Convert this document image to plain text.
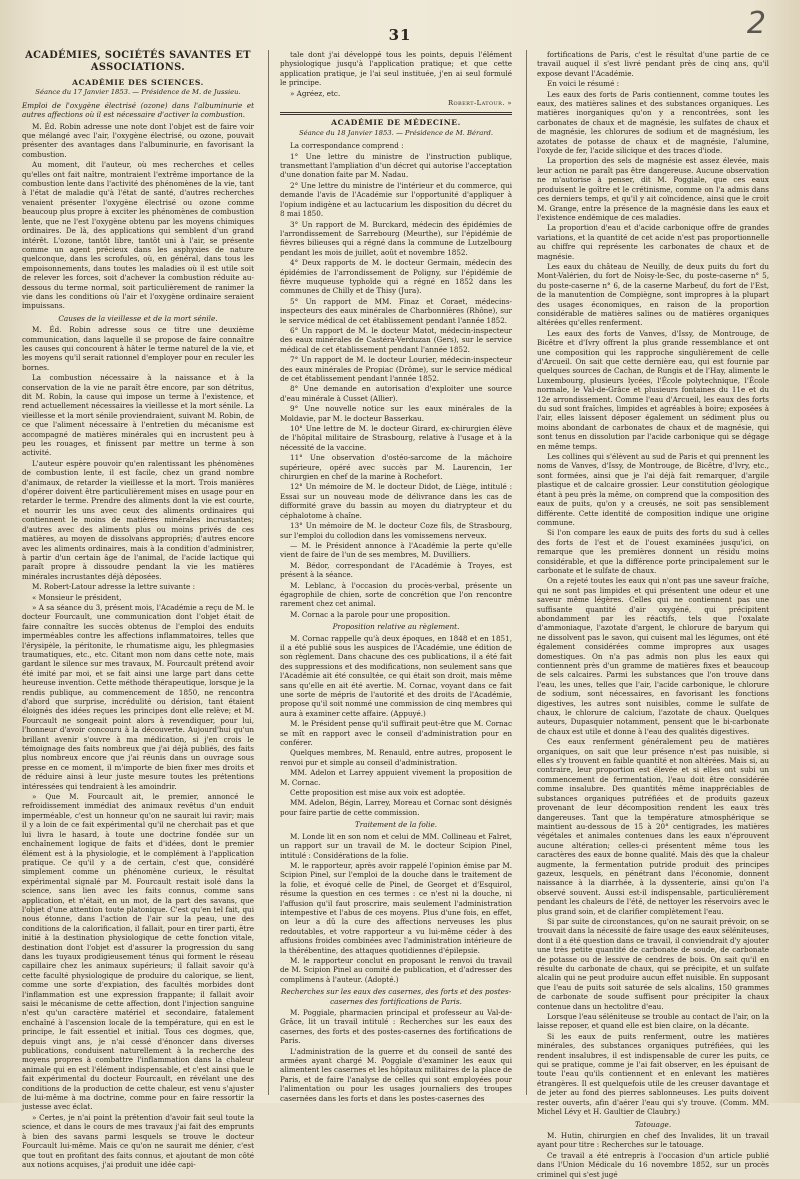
31	2
ACADÉMIES, SOCIÉTÉS SAVANTES ET ASSOCIATIONS.
ACADÉMIE DES SCIENCES.
Séance du 17 Janvier 1853. — Présidence de M. de Jussieu.
Emploi de l'oxygène électrisé (ozone) dans l'albuminurie et autres affections où il est nécessaire d'activer la combustion.

M. Éd. Robin adresse une note dont l'objet est de faire voir que mélangé avec l'air, l'oxygène électrisé, ou ozone, pouvait présenter des avantages dans l'albuminurie, en favorisant la combustion.

Au moment, dit l'auteur, où mes recherches et celles qu'elles ont fait naître, montraient l'extrême importance de la combustion lente dans l'activité des phénomènes de la vie, tant à l'état de maladie qu'à l'état de santé, d'autres recherches venaient présenter l'oxygène électrisé ou ozone comme beaucoup plus propre à exciter les phénomènes de combustion lente, que ne l'est l'oxygène obtenu par les moyens chimiques ordinaires. De là, des applications qui semblent d'un grand intérêt. L'ozone, tantôt libre, tantôt uni à l'air, se présente comme un agent précieux dans les asphyxies de nature quelconque, dans les scrofules, où, en général, dans tous les empoisonnements, dans toutes les maladies où il est utile soit de relever les forces, soit d'achever la combustion réduite au-dessous du terme normal, soit particulièrement de ranimer la vie dans les conditions où l'air et l'oxygène ordinaire seraient impuissans.

Causes de la vieillesse et de la mort sénile.

M. Éd. Robin adresse sous ce titre une deuxième communication, dans laquelle il se propose de faire connaître les causes qui concourent à hâter le terme naturel de la vie, et les moyens qu'il serait rationnel d'employer pour en reculer les bornes.

La combustion nécessaire à la naissance et à la conservation de la vie ne paraît être encore, par son détritus, dit M. Robin, la cause qui impose un terme à l'existence, et rend actuellement nécessaires la vieillesse et la mort sénile. La vieillesse et la mort sénile proviendraient, suivant M. Robin, de ce que l'aliment nécessaire à l'entretien du mécanisme est accompagné de matières minérales qui en incrustent peu à peu les rouages, et finissent par mettre un terme à son activité.

L'auteur espère pouvoir qu'en ralentissant les phénomènes de combustion lente, il est facile, chez un grand nombre d'animaux, de retarder la vieillesse et la mort. Trois manières d'opérer doivent être particulièrement mises en usage pour en retarder le terme. Prendre des aliments dont la vie est courte, et nourrir les uns avec ceux des aliments ordinaires qui contiennent le moins de matières minérales incrustantes; d'autres avec des aliments plus ou moins privés de ces matières, au moyen de dissolvans appropriés; d'autres encore avec les aliments ordinaires, mais à la condition d'administrer, à partir d'un certain âge de l'animal, de l'acide lactique qui paraît propre à dissoudre pendant la vie les matières minérales incrustantes déjà déposées.

M. Robert-Latour adresse la lettre suivante :

« Monsieur le président,

» A sa séance du 3, présent mois, l'Académie a reçu de M. le docteur Fourcault, une communication dont l'objet était de faire connaître les succès obtenus de l'emploi des enduits imperméables contre les affections inflammatoires, telles que l'érysipèle, la péritonite, le rhumatisme aigu, les phlegmasies traumatiques, etc., etc. Citant mon nom dans cette note, mais gardant le silence sur mes travaux, M. Fourcault prétend avoir été imité par moi, et se fait ainsi une large part dans cette heureuse invention. Cette méthode thérapeutique, lorsque je la rendis publique, au commencement de 1850, ne rencontra d'abord que surprise, incrédulité ou dérision, tant étaient éloignés des idées reçues les principes dont elle relève; et M. Fourcault ne songeait point alors à revendiquer, pour lui, l'honneur d'avoir concouru à la découverte. Aujourd'hui qu'un brillant avenir s'ouvre à ma médication, si j'en crois le témoignage des faits nombreux que j'ai déjà publiés, des faits plus nombreux encore que j'ai réunis dans un ouvrage sous presse en ce moment, il m'importe de bien fixer mes droits et de réduire ainsi à leur juste mesure toutes les prétentions intéressées qui tendraient à les amoindrir.

» Que M. Fourcault ait, le premier, annoncé le refroidissement immédiat des animaux revêtus d'un enduit imperméable, c'est un honneur qu'on ne saurait lui ravir; mais il y a loin de ce fait expérimental qu'il ne cherchait pas et que lui livra le hasard, à toute une doctrine fondée sur un enchaînement logique de faits et d'idées, dont le premier élément est à la physiologie, et le complément à l'application pratique. Ce qu'il y a de certain, c'est que, considéré simplement comme un phénomène curieux, le résultat expérimental signalé par M. Fourcault restait isolé dans la science, sans lien avec les faits connus, comme sans application, et n'était, en un mot, de la part des savans, que l'objet d'une attention toute platonique. C'est qu'en tel fait, qui nous étonne, dans l'action de l'air sur la peau, une des conditions de la calorification, il fallait, pour en tirer parti, être initié à la destination physiologique de cette fonction vitale, destination dont l'objet est d'assurer la progression du sang dans les tuyaux prodigieusement ténus qui forment le réseau capillaire chez les animaux supérieurs; il fallait savoir qu'à cette faculté physiologique de produire du calorique, se lient, comme une sorte d'expiation, des facultés morbides dont l'inflammation est une expression frappante; il fallait avoir saisi le mécanisme de cette affection, dont l'injection sanguine n'est qu'un caractère matériel et secondaire, fatalement enchaîné à l'ascension locale de la température, qui en est le principe, le fait essentiel et initial. Tous ces dogmes, que, depuis vingt ans, je n'ai cessé d'énoncer dans diverses publications, conduisent naturellement à la recherche des moyens propres à combattre l'inflammation dans la chaleur animale qui en est l'élément indispensable, et c'est ainsi que le fait expérimental du docteur Fourcault, en révélant une des conditions de la production de cette chaleur, est venu s'ajuster de lui-même à ma doctrine, comme pour en faire ressortir la justesse avec éclat.

» Certes, je n'ai point la prétention d'avoir fait seul toute la science, et dans le cours de mes travaux j'ai fait des emprunts à bien des savans parmi lesquels se trouve le docteur Fourcault lui-même. Mais ce qu'on ne saurait me dénier, c'est que tout en profitant des faits connus, et ajoutant de mon côté aux notions acquises, j'ai produit une idée capi-

tale dont j'ai développé tous les points, depuis l'élément physiologique jusqu'à l'application pratique; et que cette application pratique, je l'ai seul instituée, j'en ai seul formulé le principe.

» Agréez, etc.

Robert-Latour. »
ACADÉMIE DE MÉDECINE.
Séance du 18 Janvier 1853. — Présidence de M. Bérard.

La correspondance comprend :

1° Une lettre du ministre de l'instruction publique, transmettant l'ampliation d'un décret qui autorise l'acceptation d'une donation faite par M. Nadau.

2° Une lettre du ministre de l'intérieur et du commerce, qui demande l'avis de l'Académie sur l'opportunité d'appliquer à l'opium indigène et au lactucarium les disposition du décret du 8 mai 1850.

3° Un rapport de M. Burckard, médecin des épidémies de l'arrondissement de Sarrebourg (Meurthe), sur l'épidémie de fièvres bilieuses qui a régné dans la commune de Lutzelbourg pendant les mois de juillet, août et novembre 1852.

4° Deux rapports de M. le docteur Germain, médecin des épidémies de l'arrondissement de Poligny, sur l'épidémie de fièvre muqueuse typhoïde qui a régné en 1852 dans les communes de Chilly et de Thisy (Jura).

5° Un rapport de MM. Finaz et Coraet, médecins-inspecteurs des eaux minérales de Charbonnières (Rhône), sur le service médical de cet établissement pendant l'année 1852.

6° Un rapport de M. le docteur Matot, médecin-inspecteur des eaux minérales de Castéra-Verduzan (Gers), sur le service médical de cet établissement pendant l'année 1852.

7° Un rapport de M. le docteur Lourier, médecin-inspecteur des eaux minérales de Propiac (Drôme), sur le service médical de cet établissement pendant l'année 1852.

8° Une demande en autorisation d'exploiter une source d'eau minérale à Cusset (Allier).

9° Une nouvelle notice sur les eaux minérales de la Moldavie, par M. le docteur Basserkau.

10° Une lettre de M. le docteur Girard, ex-chirurgien élève de l'hôpital militaire de Strasbourg, relative à l'usage et à la nécessité de la vaccine.

11° Une observation d'ostéo-sarcome de la mâchoire supérieure, opéré avec succès par M. Laurencin, 1er chirurgien en chef de la marine à Rochefort.

12° Un mémoire de M. le docteur Didot, de Liège, intitulé : Essai sur un nouveau mode de délivrance dans les cas de difformité grave du bassin au moyen du diatrypteur et du céphalotome à chaîne.

13° Un mémoire de M. le docteur Coze fils, de Strasbourg, sur l'emploi du collodion dans les vomissemens nerveux.

— M. le Président annonce à l'Académie la perte qu'elle vient de faire de l'un de ses membres, M. Duvilliers.

M. Bédor, correspondant de l'Académie à Troyes, est présent à la séance.

M. Leblanc, à l'occasion du procès-verbal, présente un égagrophile de chien, sorte de concrétion que l'on rencontre rarement chez cet animal.

M. Cornac a la parole pour une proposition.

Proposition relative au règlement.

M. Cornac rappelle qu'à deux époques, en 1848 et en 1851, il a été publié sous les auspices de l'Académie, une édition de son règlement. Dans chacune des ces publications, il a été fait des suppressions et des modifications, non seulement sans que l'Académie ait été consultée, ce qui était son droit, mais même sans qu'elle en ait été avertie. M. Cornac, voyant dans ce fait une sorte de mépris de l'autorité et des droits de l'Académie, propose qu'il soit nommé une commission de cinq membres qui aura à examiner cette affaire. (Appuyé.)

M. le Président pense qu'il suffirait peut-être que M. Cornac se mît en rapport avec le conseil d'administration pour en conférer.

Quelques membres, M. Renauld, entre autres, proposent le renvoi pur et simple au conseil d'administration.

MM. Adelon et Larrey appuient vivement la proposition de M. Cornac.

Cette proposition est mise aux voix est adoptée.

MM. Adelon, Bégin, Larrey, Moreau et Cornac sont désignés pour faire partie de cette commission.

Traitement de la folie.

M. Londe lit en son nom et celui de MM. Collineau et Falret, un rapport sur un travail de M. le docteur Scipion Pinel, intitulé : Considérations de la folie.

M. le rapporteur, après avoir rappelé l'opinion émise par M. Scipion Pinel, sur l'emploi de la douche dans le traitement de la folie, et évoqué celle de Pinel, de Georget et d'Esquirol, résume la question en ces termes : ce n'est ni la douche, ni l'affusion qu'il faut proscrire, mais seulement l'administration intempestive et l'abus de ces moyens. Plus d'une fois, en effet, on leur a dû la cure des affections nerveuses les plus redoutables, et votre rapporteur a vu lui-même céder à des affusions froides combinées avec l'administration intérieure de la thérébentine, des attaques quotidiennes d'épilepsie.

M. le rapporteur conclut en proposant le renvoi du travail de M. Scipion Pinel au comité de publication, et d'adresser des complimens à l'auteur. (Adopté.)

Recherches sur les eaux des casernes, des forts et des postes-casernes des fortifications de Paris.

M. Poggiale, pharmacien principal et professeur au Val-de-Grâce, lit un travail intitulé : Recherches sur les eaux des casernes, des forts et des postes-casernes des fortifications de Paris.

L'administration de la guerre et du conseil de santé des armées ayant chargé M. Poggiale d'examiner les eaux qui alimentent les casernes et les hôpitaux militaires de la place de Paris, et de faire l'analyse de celles qui sont employées pour l'alimentation ou pour les usages journaliers des troupes casernées dans les forts et dans les postes-casernes des

fortifications de Paris, c'est le résultat d'une partie de ce travail auquel il s'est livré pendant près de cinq ans, qu'il expose devant l'Académie.

En voici le résumé :

Les eaux des forts de Paris contiennent, comme toutes les eaux, des matières salines et des substances organiques. Les matières inorganiques qu'on y a rencontrées, sont les carbonates de chaux et de magnésie, les sulfates de chaux et de magnésie, les chlorures de sodium et de magnésium, les azotates de potasse de chaux et de magnésie, l'alumine, l'oxyde de fer, l'acide silicique et des traces d'iode.

La proportion des sels de magnésie est assez élevée, mais leur action ne paraît pas être dangereuse. Aucune observation ne m'autorise à penser, dit M. Poggiale, que ces eaux produisent le goître et le crétinisme, comme on l'a admis dans ces derniers temps, et qu'il y ait coïncidence, ainsi que le croit M. Grange, entre la présence de la magnésie dans les eaux et l'existence endémique de ces maladies.

La proportion d'eau et d'acide carbonique offre de grandes variations, et la quantité de cet acide n'est pas proportionnelle au chiffre qui représente les carbonates de chaux et de magnésie.

Les eaux du château de Neuilly, de deux puits du fort du Mont-Valérien, du fort de Noisy-le-Sec, du poste-caserne n° 5, du poste-caserne n° 6, de la caserne Marbeuf, du fort de l'Est, de la manutention de Compiègne, sont impropres à la plupart des usages économiques, en raison de la proportion considérable de matières salines ou de matières organiques altérées qu'elles renferment.

Les eaux des forts de Vanves, d'Issy, de Montrouge, de Bicêtre et d'Ivry offrent la plus grande ressemblance et ont une composition qui les rapproche singulièrement de celle d'Arcueil. On sait que cette dernière eau, qui est fournie par quelques sources de Cachan, de Rungis et de l'Hay, alimente le Luxembourg, plusieurs lycées, l'École polytechnique, l'École normale, le Val-de-Grâce et plusieurs fontaines du 11e et du 12e arrondissement. Comme l'eau d'Arcueil, les eaux des forts du sud sont fraîches, limpides et agréables à boire; exposées à l'air, elles laissent déposer également un sédiment plus ou moins abondant de carbonates de chaux et de magnésie, qui sont tenus en dissolution par l'acide carbonique qui se dégage en même temps.

Les collines qui s'élèvent au sud de Paris et qui prennent les noms de Vanves, d'Issy, de Montrouge, de Bicêtre, d'Ivry, etc., sont formées, ainsi que je l'ai déjà fait remarquer, d'argile plastique et de calcaire grossier. Leur constitution géologique étant à peu près la même, on comprend que la composition des eaux de puits, qu'on y a creusés, ne soit pas sensiblement différente. Cette identité de composition indique une origine commune.

Si l'on compare les eaux de puits des forts du sud à celles des forts de l'est et de l'ouest examinées jusqu'ici, on remarque que les premières donnent un résidu moins considérable, et que la différence porte principalement sur le carbonate et le sulfate de chaux.

On a rejeté toutes les eaux qui n'ont pas une saveur fraîche, qui ne sont pas limpides et qui présentent une odeur et une saveur même légères. Celles qui ne contiennent pas une suffisante quantité d'air oxygéné, qui précipitent abondamment par les réactifs, tels que l'oxalate d'ammoniaque, l'azotate d'argent, le chlorure de baryum qui ne dissolvent pas le savon, qui cuisent mal les légumes, ont été également considérées comme impropres aux usages domestiques. On n'a pas admis non plus les eaux qui contiennent près d'un gramme de matières fixes et beaucoup de sels calcaires. Parmi les substances que l'on trouve dans l'eau, les unes, telles que l'air, l'acide carbonique, le chlorure de sodium, sont nécessaires, en favorisant les fonctions digestives, les autres sont nuisibles, comme le sulfate de chaux, le chlorure de calcium, l'azotate de chaux. Quelques auteurs, Dupasquier notamment, pensent que le bi-carbonate de chaux est utile et donne à l'eau des qualités digestives.

Ces eaux renferment généralement peu de matières organiques, on sait que leur présence n'est pas nuisible, si elles s'y trouvent en faible quantité et non altérées. Mais si, au contraire, leur proportion est élevée et si elles ont subi un commencement de fermentation, l'eau doit être considérée comme insalubre. Des quantités même inappréciables de substances organiques putréfiées et de produits gazeux provenant de leur décomposition rendent les eaux très dangereuses. Tant que la température atmosphérique se maintient au-dessous de 15 à 20° centigrades, les matières végétales et animales contenues dans les eaux n'éprouvent aucune altération; celles-ci présentent même tous les caractères des eaux de bonne qualité. Mais dès que la chaleur augmente, la fermentation putride produit des principes gazeux, lesquels, en pénétrant dans l'économie, donnent naissance à la diarrhée, à la dyssenterie, ainsi qu'on l'a observé souvent. Aussi est-il indispensable, particulièrement pendant les chaleurs de l'été, de nettoyer les réservoirs avec le plus grand soin, et de clarifier complètement l'eau.

Si par suite de circonstances, qu'on ne saurait prévoir, on se trouvait dans la nécessité de faire usage des eaux séléniteuses, dont il a été question dans ce travail, il conviendrait d'y ajouter une très petite quantité de carbonate de soude, de carbonate de potasse ou de lessive de cendres de bois. On sait qu'il en résulte du carbonate de chaux, qui se précipite, et un sulfate alcalin qui ne peut produire aucun effet nuisible. En supposant que l'eau de puits soit saturée de sels alcalins, 150 grammes de carbonate de soude suffisent pour précipiter la chaux contenue dans un hectolitre d'eau.

Lorsque l'eau séléniteuse se trouble au contact de l'air, on la laisse reposer, et quand elle est bien claire, on la décante.

Si les eaux de puits renferment, outre les matières minérales, des substances organiques putréfiées, qui les rendent insalubres, il est indispensable de curer les puits, ce qui se pratique, comme je l'ai fait observer, en les épuisant de toute l'eau qu'ils contiennent et en enlevant les matières étrangères. Il est quelquefois utile de les creuser davantage et de jeter au fond des pierres sablonneuses. Les puits doivent rester ouverts, afin d'aérer l'eau qui s'y trouve. (Comm. MM. Michel Lévy et H. Gaultier de Claubry.)

Tatouage.

M. Hutin, chirurgien en chef des Invalides, lit un travail ayant pour titre : Recherches sur le tatouage.

Ce travail a été entrepris à l'occasion d'un article publié dans l'Union Médicale du 16 novembre 1852, sur un procès criminel qui s'est jugé
